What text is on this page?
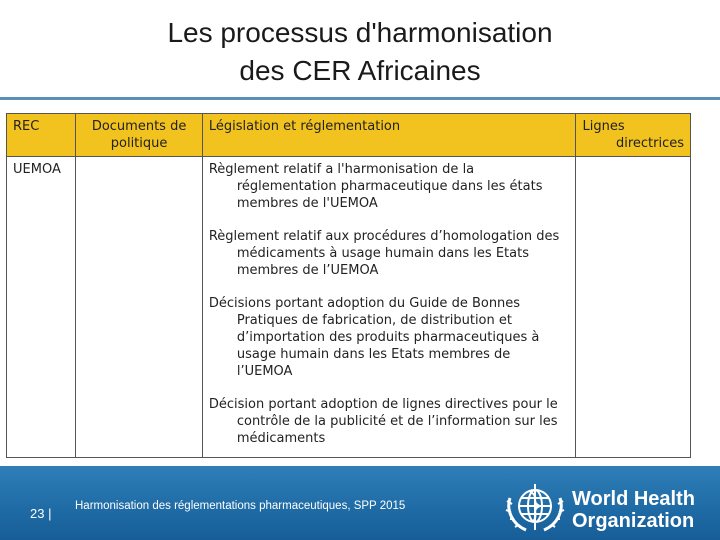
Les processus d'harmonisation
des CER Africaines
REC	Documents de politique	Législation et réglementation	Lignes
directrices

UEMOA		Règlement relatif a l'harmonisation de la réglementation pharmaceutique dans les états membres de l'UEMOA
Règlement relatif aux procédures d’homologation des médicaments à usage humain dans les Etats membres de l’UEMOA
Décisions portant adoption du Guide de Bonnes Pratiques de fabrication, de distribution et d’importation des produits pharmaceutiques à usage humain dans les Etats membres de l’UEMOA
Décision portant adoption de lignes directives pour le contrôle de la publicité et de l’information sur les médicaments	

23 | Harmonisation des réglementations pharmaceutiques, SPP 2015	World Health
Organization
